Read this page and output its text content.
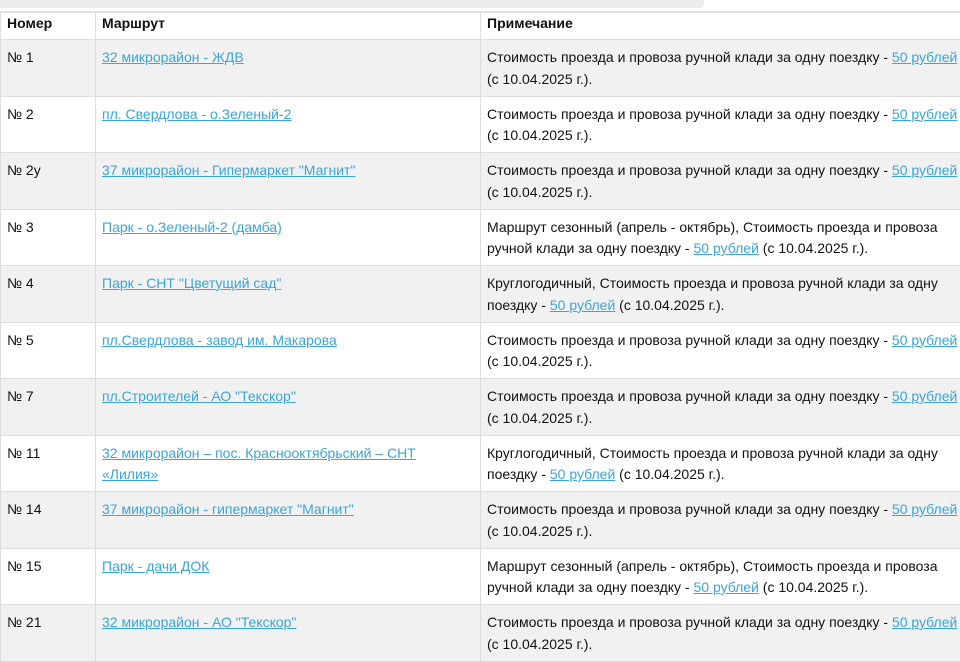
Номер	Маршрут	Примечание
№ 1	32 микрорайон - ЖДВ	Стоимость проезда и провоза ручной клади за одну поездку - 50 рублей (с 10.04.2025 г.).
№ 2	пл. Свердлова - о.Зеленый-2	Стоимость проезда и провоза ручной клади за одну поездку - 50 рублей (с 10.04.2025 г.).
№ 2у	37 микрорайон - Гипермаркет "Магнит"	Стоимость проезда и провоза ручной клади за одну поездку - 50 рублей (с 10.04.2025 г.).
№ 3	Парк - о.Зеленый-2 (дамба)	Маршрут сезонный (апрель - октябрь), Стоимость проезда и провоза ручной клади за одну поездку - 50 рублей (с 10.04.2025 г.).
№ 4	Парк - СНТ "Цветущий сад"	Круглогодичный, Стоимость проезда и провоза ручной клади за одну поездку - 50 рублей (с 10.04.2025 г.).
№ 5	пл.Свердлова - завод им. Макарова	Стоимость проезда и провоза ручной клади за одну поездку - 50 рублей (с 10.04.2025 г.).
№ 7	пл.Строителей - АО "Текскор"	Стоимость проезда и провоза ручной клади за одну поездку - 50 рублей (с 10.04.2025 г.).
№ 11	32 микрорайон – пос. Краснооктябрьский – СНТ «Лилия»	Круглогодичный, Стоимость проезда и провоза ручной клади за одну поездку - 50 рублей (с 10.04.2025 г.).
№ 14	37 микрорайон - гипермаркет "Магнит"	Стоимость проезда и провоза ручной клади за одну поездку - 50 рублей (с 10.04.2025 г.).
№ 15	Парк - дачи ДОК	Маршрут сезонный (апрель - октябрь), Стоимость проезда и провоза ручной клади за одну поездку - 50 рублей (с 10.04.2025 г.).
№ 21	32 микрорайон - АО "Текскор"	Стоимость проезда и провоза ручной клади за одну поездку - 50 рублей (с 10.04.2025 г.).
